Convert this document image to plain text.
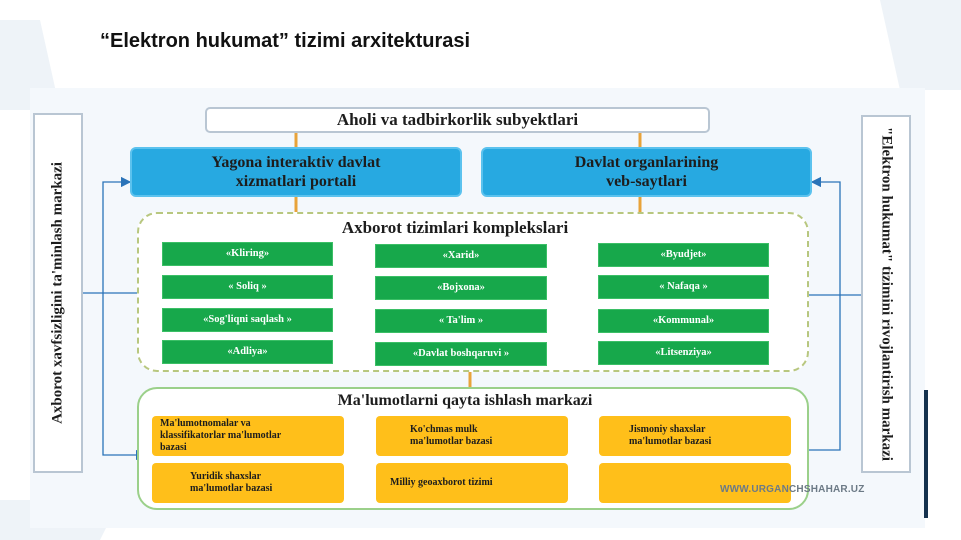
“Elektron hukumat” tizimi arxitekturasi
Aholi va tadbirkorlik subyektlari
Yagona interaktiv davlat
xizmatlari portali
Davlat organlarining
veb-saytlari
Axborot xavfsizligini ta'minlash markazi	"Elektron hukumat" tizimini rivojlantirish markazi
Axborot tizimlari komplekslari
«Kliring»
« Soliq »
«Sog'liqni saqlash »
«Adliya»
«Xarid»
«Bojxona»
« Ta'lim »
«Davlat boshqaruvi »
«Byudjet»
« Nafaqa »
«Kommunal»
«Litsenziya»
Ma'lumotlarni qayta ishlash markazi
Ma'lumotnomalar va
klassifikatorlar ma'lumotlar
bazasi
Ko'chmas mulk
ma'lumotlar bazasi
Jismoniy shaxslar
ma'lumotlar bazasi
Yuridik shaxslar
ma'lumotlar bazasi
Milliy geoaxborot tizimi
WWW.URGANCHSHAHAR.UZ
